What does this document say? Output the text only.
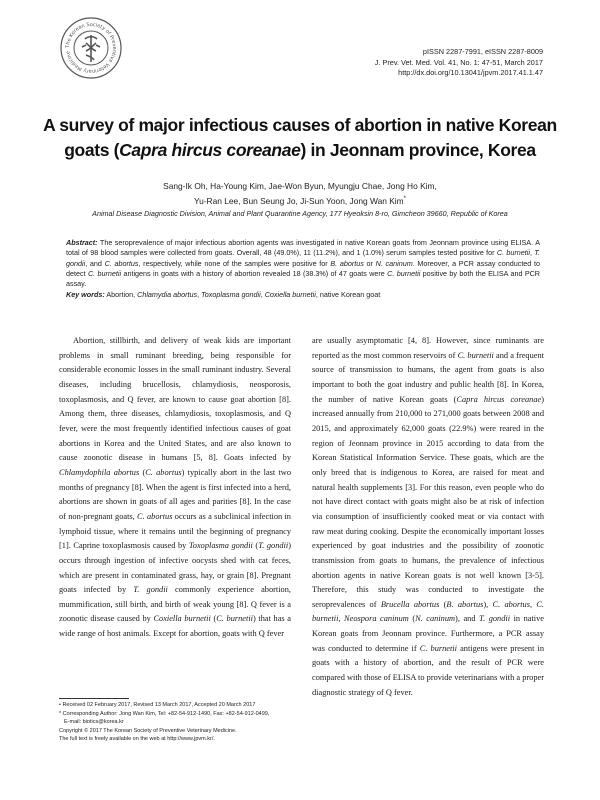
The Korean Society of Preventive Veterinary Medicine	pISSN 2287-7991, eISSN 2287-8009
J. Prev. Vet. Med. Vol. 41, No. 1: 47-51, March 2017
http://dx.doi.org/10.13041/jpvm.2017.41.1.47
A survey of major infectious causes of abortion in native Korean
goats (Capra hircus coreanae) in Jeonnam province, Korea
Sang-Ik Oh, Ha-Young Kim, Jae-Won Byun, Myungju Chae, Jong Ho Kim,
Yu-Ran Lee, Bun Seung Jo, Ji-Sun Yoon, Jong Wan Kim*
Animal Disease Diagnostic Division, Animal and Plant Quarantine Agency, 177 Hyeoksin 8-ro, Gimcheon 39660, Republic of Korea
Abstract: The seroprevalence of major infectious abortion agents was investigated in native Korean goats from Jeonnam province using ELISA. A total of 98 blood samples were collected from goats. Overall, 48 (49.0%), 11 (11.2%), and 1 (1.0%) serum samples tested positive for C. burnetii, T. gondii, and C. abortus, respectively, while none of the samples were positive for B. abortus or N. caninum. Moreover, a PCR assay conducted to detect C. burnetii antigens in goats with a history of abortion revealed 18 (38.3%) of 47 goats were C. burnetii positive by both the ELISA and PCR assay.
Key words: Abortion, Chlamydia abortus, Toxoplasma gondii, Coxiella burnetii, native Korean goat

Abortion, stillbirth, and delivery of weak kids are important problems in small ruminant breeding, being responsible for considerable economic losses in the small ruminant industry. Several diseases, including brucellosis, chlamydiosis, neosporosis, toxoplasmosis, and Q fever, are known to cause goat abortion [8]. Among them, three diseases, chlamydiosis, toxoplasmosis, and Q fever, were the most frequently identified infectious causes of goat abortions in Korea and the United States, and are also known to cause zoonotic disease in humans [5, 8]. Goats infected by Chlamydophila abortus (C. abortus) typically abort in the last two months of pregnancy [8]. When the agent is first infected into a herd, abortions are shown in goats of all ages and parities [8]. In the case of non-pregnant goats, C. abortus occurs as a subclinical infection in lymphoid tissue, where it remains until the beginning of pregnancy [1]. Caprine toxoplasmosis caused by Toxoplasma gondii (T. gondii) occurs through ingestion of infective oocysts shed with cat feces, which are present in contaminated grass, hay, or grain [8]. Pregnant goats infected by T. gondii commonly experience abortion, mummification, still birth, and birth of weak young [8]. Q fever is a zoonotic disease caused by Coxiella burnetii (C. burnetii) that has a wide range of host animals. Except for abortion, goats with Q fever

are usually asymptomatic [4, 8]. However, since ruminants are reported as the most common reservoirs of C. burnetii and a frequent source of transmission to humans, the agent from goats is also important to both the goat industry and public health [8]. In Korea, the number of native Korean goats (Capra hircus coreanae) increased annually from 210,000 to 271,000 goats between 2008 and 2015, and approximately 62,000 goats (22.9%) were reared in the region of Jeonnam province in 2015 according to data from the Korean Statistical Information Service. These goats, which are the only breed that is indigenous to Korea, are raised for meat and natural health supplements [3]. For this reason, even people who do not have direct contact with goats might also be at risk of infection via consumption of insufficiently cooked meat or via contact with raw meat during cooking. Despite the economically important losses experienced by goat industries and the possibility of zoonotic transmission from goats to humans, the prevalence of infectious abortion agents in native Korean goats is not well known [3-5]. Therefore, this study was conducted to investigate the seroprevalences of Brucella abortus (B. abortus), C. abortus, C. burnetii, Neospora caninum (N. caninum), and T. gondii in native Korean goats from Jeonnam province. Furthermore, a PCR assay was conducted to determine if C. burnetii antigens were present in goats with a history of abortion, and the result of PCR were compared with those of ELISA to provide veterinarians with a proper diagnostic strategy of Q fever.

• Received 02 February 2017, Revised 13 March 2017, Accepted 20 March 2017
* Corresponding Author: Jong Wan Kim, Tel: +82-54-912-1490, Fax: +82-54-912-0499,
E-mail: biotics@korea.kr
Copyright © 2017 The Korean Society of Preventive Veterinary Medicine.
The full text is freely available on the web at http://www.jpvm.kr/.
